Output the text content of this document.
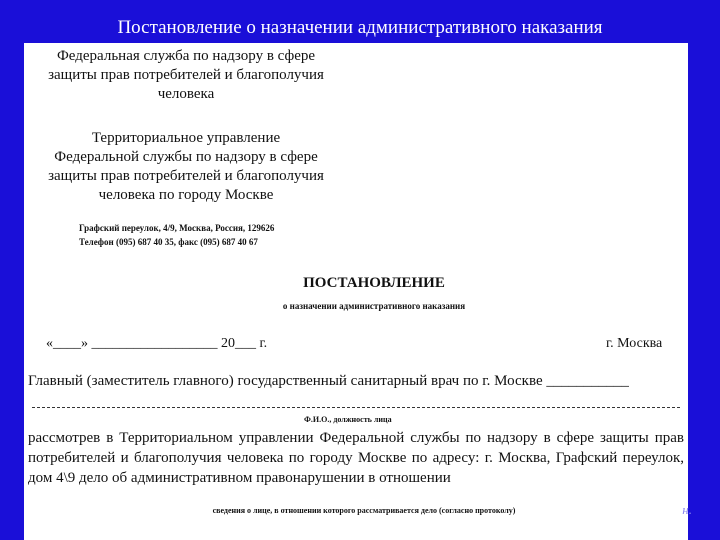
Постановление о назначении административного наказания
Федеральная служба по надзору в сфере
защиты прав потребителей и благополучия
человека
Территориальное управление
Федеральной службы по надзору в сфере
защиты прав потребителей и благополучия
человека по городу Москве
Графский переулок, 4/9, Москва, Россия, 129626
Телефон (095) 687 40 35, факс (095) 687 40 67
ПОСТАНОВЛЕНИЕ
о назначении административного наказания
«____» __________________ 20___ г.	г. Москва
Главный (заместитель главного) государственный санитарный врач по г. Москве ___________
Ф.И.О., должность лица
рассмотрев в Территориальном управлении Федеральной службы по надзору в сфере защиты прав потребителей и благополучия человека по городу Москве по адресу: г. Москва, Графский переулок, дом 4\9 дело об административном правонарушении в отношении
сведения о лице, в отношении которого рассматривается дело (согласно протоколу)	н.
